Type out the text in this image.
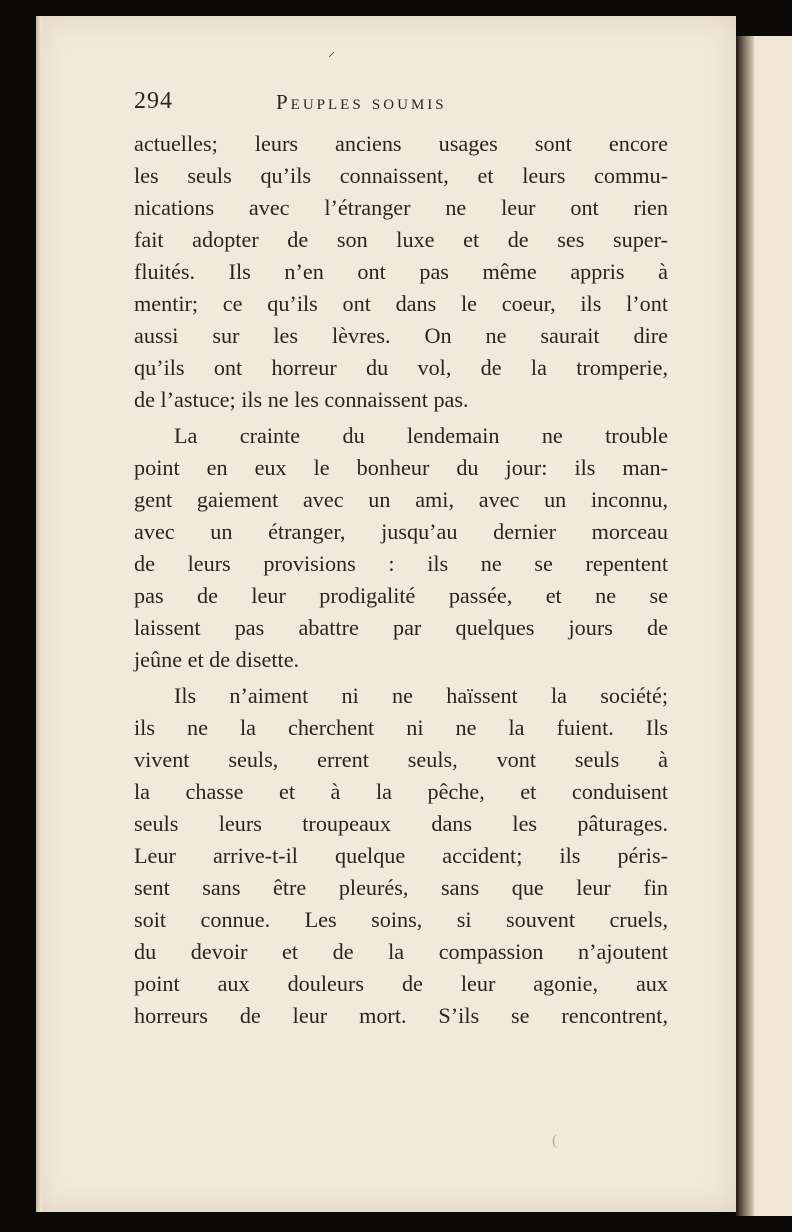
⸝
294	Peuples soumis
actuelles; leurs anciens usages sont encore
les seuls qu’ils connaissent, et leurs commu-
nications avec l’étranger ne leur ont rien
fait adopter de son luxe et de ses super-
fluités. Ils n’en ont pas même appris à
mentir; ce qu’ils ont dans le coeur, ils l’ont
aussi sur les lèvres. On ne saurait dire
qu’ils ont horreur du vol, de la tromperie,
de l’astuce; ils ne les connaissent pas.
La crainte du lendemain ne trouble
point en eux le bonheur du jour: ils man-
gent gaiement avec un ami, avec un inconnu,
avec un étranger, jusqu’au dernier morceau
de leurs provisions : ils ne se repentent
pas de leur prodigalité passée, et ne se
laissent pas abattre par quelques jours de
jeûne et de disette.
Ils n’aiment ni ne haïssent la société;
ils ne la cherchent ni ne la fuient. Ils
vivent seuls, errent seuls, vont seuls à
la chasse et à la pêche, et conduisent
seuls leurs troupeaux dans les pâturages.
Leur arrive-t-il quelque accident; ils péris-
sent sans être pleurés, sans que leur fin
soit connue. Les soins, si souvent cruels,
du devoir et de la compassion n’ajoutent
point aux douleurs de leur agonie, aux
horreurs de leur mort. S’ils se rencontrent,
(
